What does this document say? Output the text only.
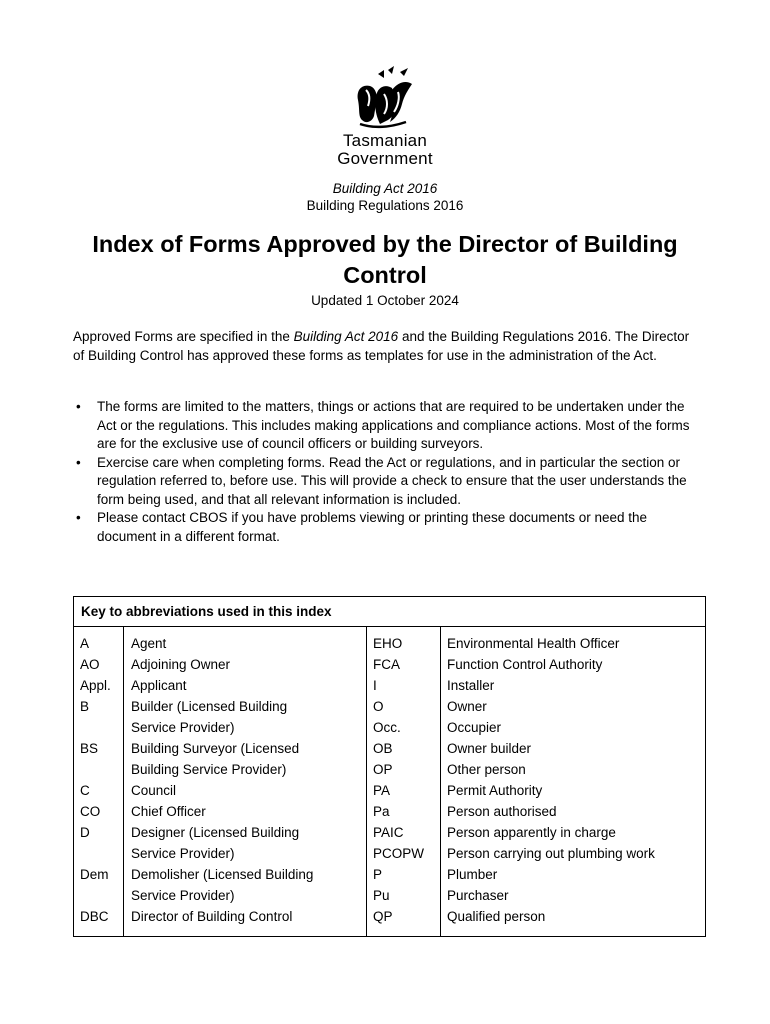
Tasmanian
Government
Building Act 2016
Building Regulations 2016
Index of Forms Approved by the Director of Building Control
Updated 1 October 2024
Approved Forms are specified in the Building Act 2016 and the Building Regulations 2016. The Director of Building Control has approved these forms as templates for use in the administration of the Act.
• The forms are limited to the matters, things or actions that are required to be undertaken under the Act or the regulations. This includes making applications and compliance actions. Most of the forms are for the exclusive use of council officers or building surveyors.
• Exercise care when completing forms. Read the Act or regulations, and in particular the section or regulation referred to, before use. This will provide a check to ensure that the user understands the form being used, and that all relevant information is included.
• Please contact CBOS if you have problems viewing or printing these documents or need the document in a different format.
Key to abbreviations used in this index
A
AO
Appl.
B
BS
C
CO
D
Dem
DBC
Agent
Adjoining Owner
Applicant
Builder (Licensed Building
Service Provider)
Building Surveyor (Licensed
Building Service Provider)
Council
Chief Officer
Designer (Licensed Building
Service Provider)
Demolisher (Licensed Building
Service Provider)
Director of Building Control
EHO
FCA
I
O
Occ.
OB
OP
PA
Pa
PAIC
PCOPW
P
Pu
QP
Environmental Health Officer
Function Control Authority
Installer
Owner
Occupier
Owner builder
Other person
Permit Authority
Person authorised
Person apparently in charge
Person carrying out plumbing work
Plumber
Purchaser
Qualified person
